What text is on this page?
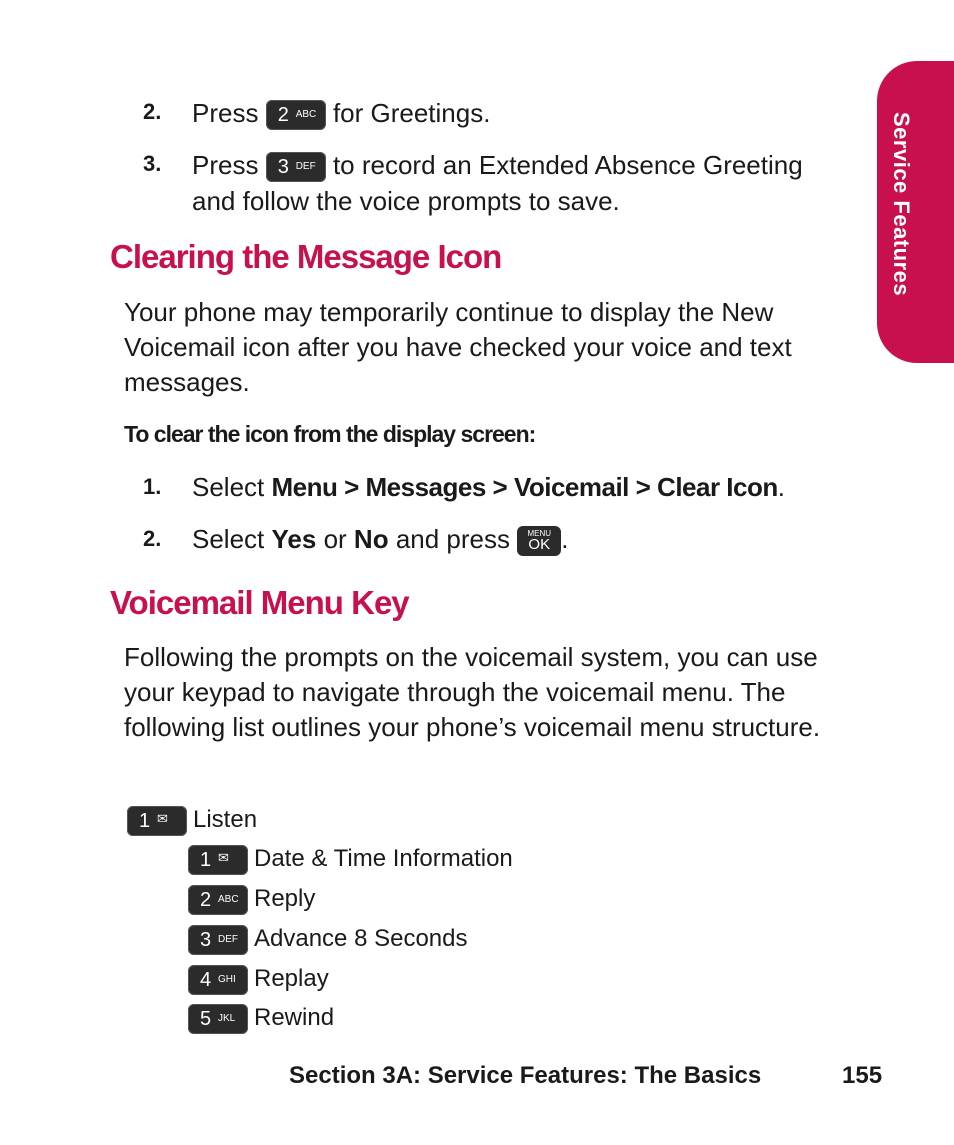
Service Features
2. Press 2 ABC for Greetings.
3. Press 3 DEF to record an Extended Absence Greeting
and follow the voice prompts to save.
Clearing the Message Icon
Your phone may temporarily continue to display the New Voicemail icon after you have checked your voice and text messages.
To clear the icon from the display screen:
1. Select Menu > Messages > Voicemail > Clear Icon.
2. Select Yes or No and press	MENU
OK .
Voicemail Menu Key
Following the prompts on the voicemail system, you can use your keypad to navigate through the voicemail menu. The following list outlines your phone’s voicemail menu structure.
1 ✉ Listen
1 ✉ Date & Time Information
2 ABC Reply
3 DEF Advance 8 Seconds
4 GHI Replay
5 JKL Rewind
Section 3A: Service Features: The Basics	155
